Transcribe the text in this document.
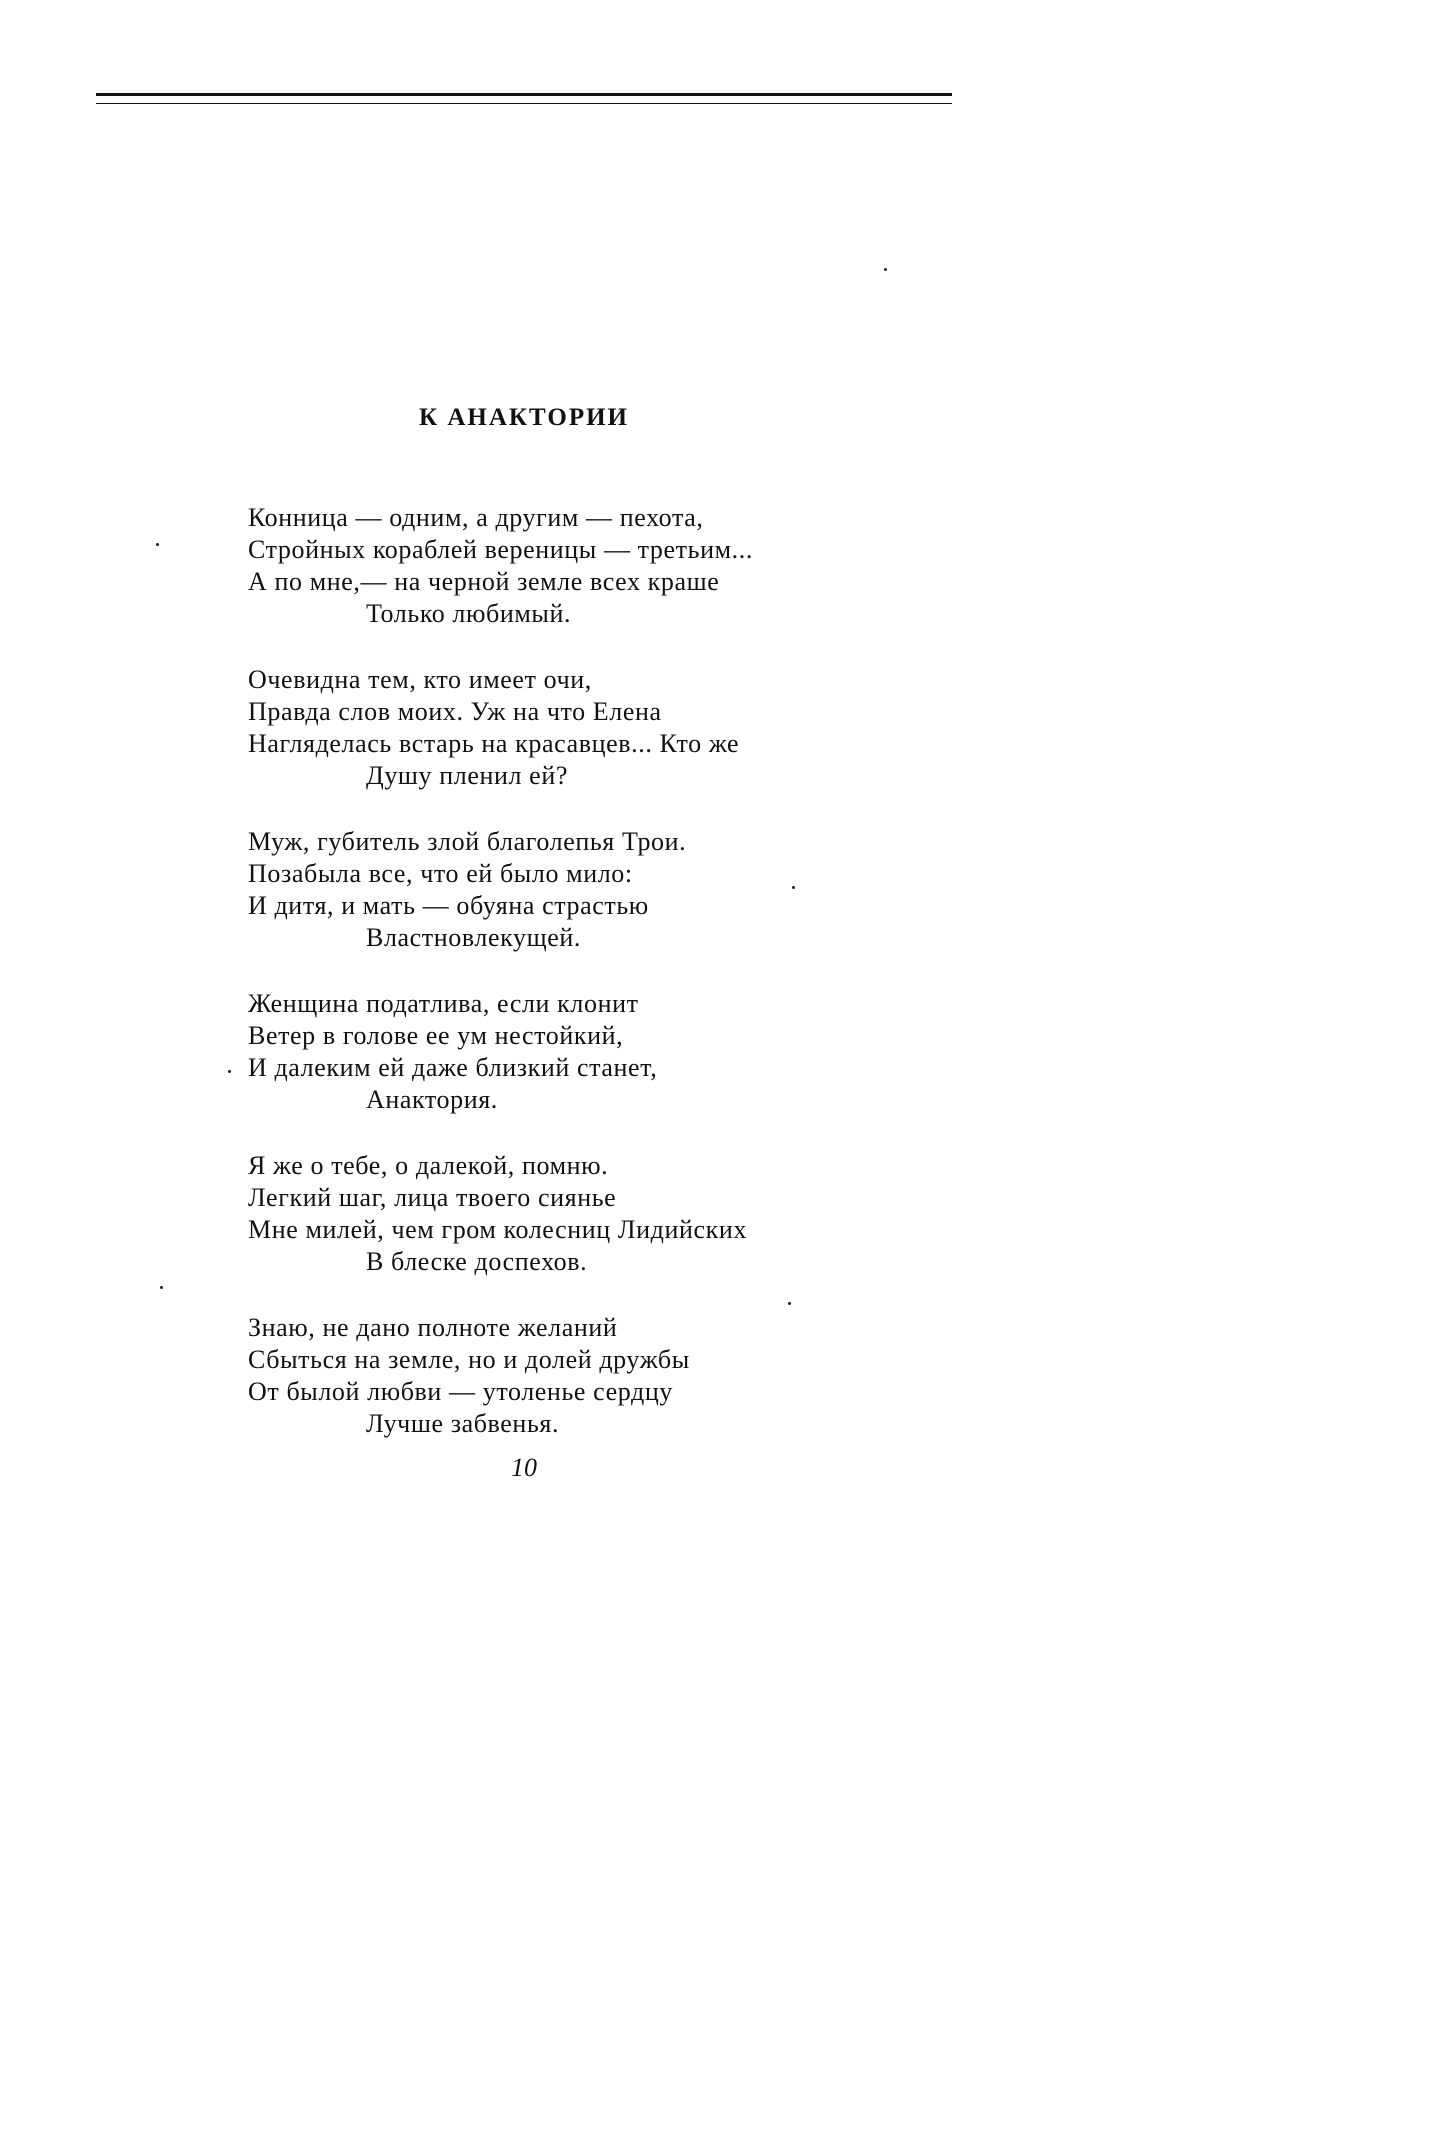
К АНАКТОРИИ
Конница — одним, а другим — пехота,
Стройных кораблей вереницы — третьим...
А по мне,— на черной земле всех краше
Только любимый.
Очевидна тем, кто имеет очи,
Правда слов моих. Уж на что Елена
Нагляделась встарь на красавцев... Кто же
Душу пленил ей?
Муж, губитель злой благолепья Трои.
Позабыла все, что ей было мило:
И дитя, и мать — обуяна страстью
Властновлекущей.
Женщина податлива, если клонит
Ветер в голове ее ум нестойкий,
И далеким ей даже близкий станет,
Анактория.
Я же о тебе, о далекой, помню.
Легкий шаг, лица твоего сиянье
Мне милей, чем гром колесниц Лидийских
В блеске доспехов.
Знаю, не дано полноте желаний
Сбыться на земле, но и долей дружбы
От былой любви — утоленье сердцу
Лучше забвенья.
10
